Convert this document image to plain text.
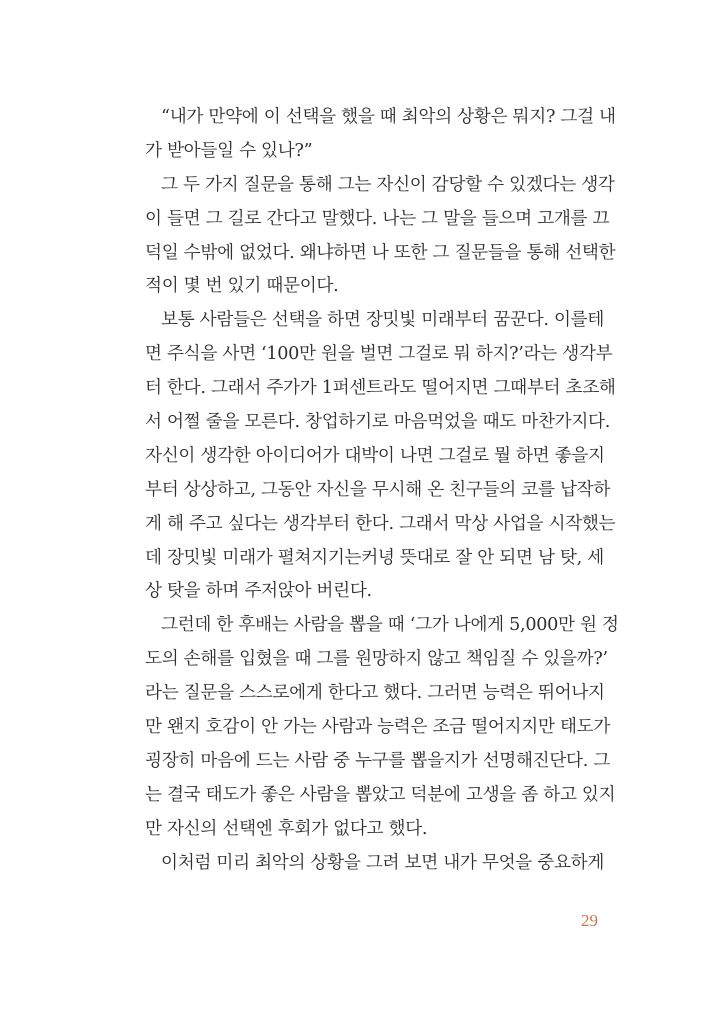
“내가 만약에 이 선택을 했을 때 최악의 상황은 뭐지? 그걸 내
가 받아들일 수 있나?”
그 두 가지 질문을 통해 그는 자신이 감당할 수 있겠다는 생각
이 들면 그 길로 간다고 말했다. 나는 그 말을 들으며 고개를 끄
덕일 수밖에 없었다. 왜냐하면 나 또한 그 질문들을 통해 선택한
적이 몇 번 있기 때문이다.
보통 사람들은 선택을 하면 장밋빛 미래부터 꿈꾼다. 이를테
면 주식을 사면 ‘100만 원을 벌면 그걸로 뭐 하지?’라는 생각부
터 한다. 그래서 주가가 1퍼센트라도 떨어지면 그때부터 초조해
서 어쩔 줄을 모른다. 창업하기로 마음먹었을 때도 마찬가지다.
자신이 생각한 아이디어가 대박이 나면 그걸로 뭘 하면 좋을지
부터 상상하고, 그동안 자신을 무시해 온 친구들의 코를 납작하
게 해 주고 싶다는 생각부터 한다. 그래서 막상 사업을 시작했는
데 장밋빛 미래가 펼쳐지기는커녕 뜻대로 잘 안 되면 남 탓, 세
상 탓을 하며 주저앉아 버린다.
그런데 한 후배는 사람을 뽑을 때 ‘그가 나에게 5,000만 원 정
도의 손해를 입혔을 때 그를 원망하지 않고 책임질 수 있을까?’
라는 질문을 스스로에게 한다고 했다. 그러면 능력은 뛰어나지
만 왠지 호감이 안 가는 사람과 능력은 조금 떨어지지만 태도가
굉장히 마음에 드는 사람 중 누구를 뽑을지가 선명해진단다. 그
는 결국 태도가 좋은 사람을 뽑았고 덕분에 고생을 좀 하고 있지
만 자신의 선택엔 후회가 없다고 했다.
이처럼 미리 최악의 상황을 그려 보면 내가 무엇을 중요하게
29
